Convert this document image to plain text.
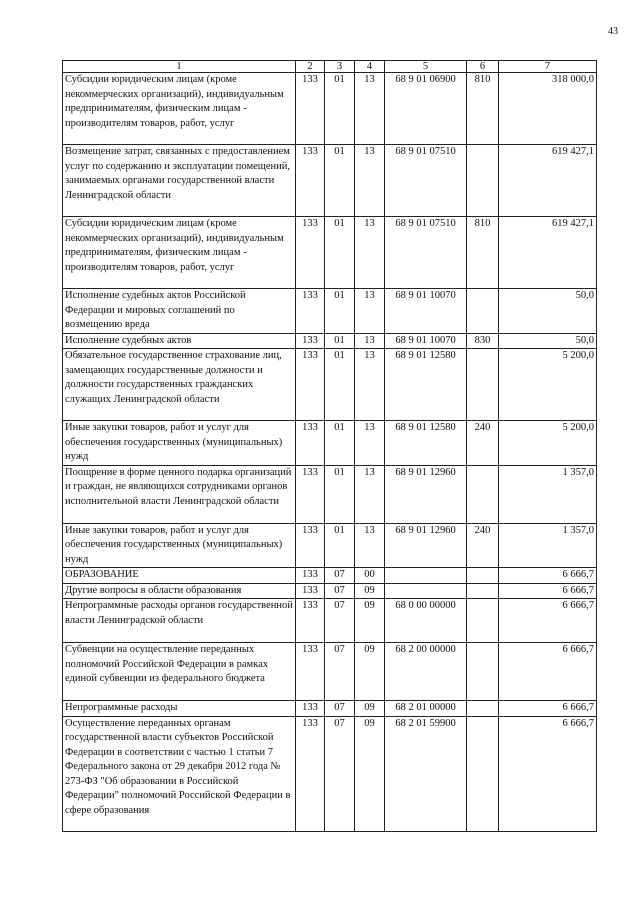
43
1	2	3	4	5	6	7
Субсидии юридическим лицам (кроме некоммерческих организаций), индивидуальным предпринимателям, физическим лицам - производителям товаров, работ, услуг	133	01	13	68 9 01 06900	810	318 000,0
Возмещение затрат, связанных с предоставлением услуг по содержанию и эксплуатации помещений, занимаемых органами государственной власти Ленинградской области	133	01	13	68 9 01 07510		619 427,1
Субсидии юридическим лицам (кроме некоммерческих организаций), индивидуальным предпринимателям, физическим лицам - производителям товаров, работ, услуг	133	01	13	68 9 01 07510	810	619 427,1
Исполнение судебных актов Российской Федерации и мировых соглашений по возмещению вреда	133	01	13	68 9 01 10070		50,0
Исполнение судебных актов	133	01	13	68 9 01 10070	830	50,0
Обязательное государственное страхование лиц, замещающих государственные должности и должности государственных гражданских служащих Ленинградской области	133	01	13	68 9 01 12580		5 200,0
Иные закупки товаров, работ и услуг для обеспечения государственных (муниципальных) нужд	133	01	13	68 9 01 12580	240	5 200,0
Поощрение в форме ценного подарка организаций и граждан, не являющихся сотрудниками органов исполнительной власти Ленинградской области	133	01	13	68 9 01 12960		1 357,0
Иные закупки товаров, работ и услуг для обеспечения государственных (муниципальных) нужд	133	01	13	68 9 01 12960	240	1 357,0
ОБРАЗОВАНИЕ	133	07	00			6 666,7
Другие вопросы в области образования	133	07	09			6 666,7
Непрограммные расходы органов государственной власти Ленинградской области	133	07	09	68 0 00 00000		6 666,7
Субвенции на осуществление переданных полномочий Российской Федерации в рамках единой субвенции из федерального бюджета	133	07	09	68 2 00 00000		6 666,7
Непрограммные расходы	133	07	09	68 2 01 00000		6 666,7
Осуществление переданных органам государственной власти субъектов Российской Федерации в соответствии с частью 1 статьи 7 Федерального закона от 29 декабря 2012 года № 273-ФЗ "Об образовании в Российской Федерации" полномочий Российской Федерации в сфере образования	133	07	09	68 2 01 59900		6 666,7
